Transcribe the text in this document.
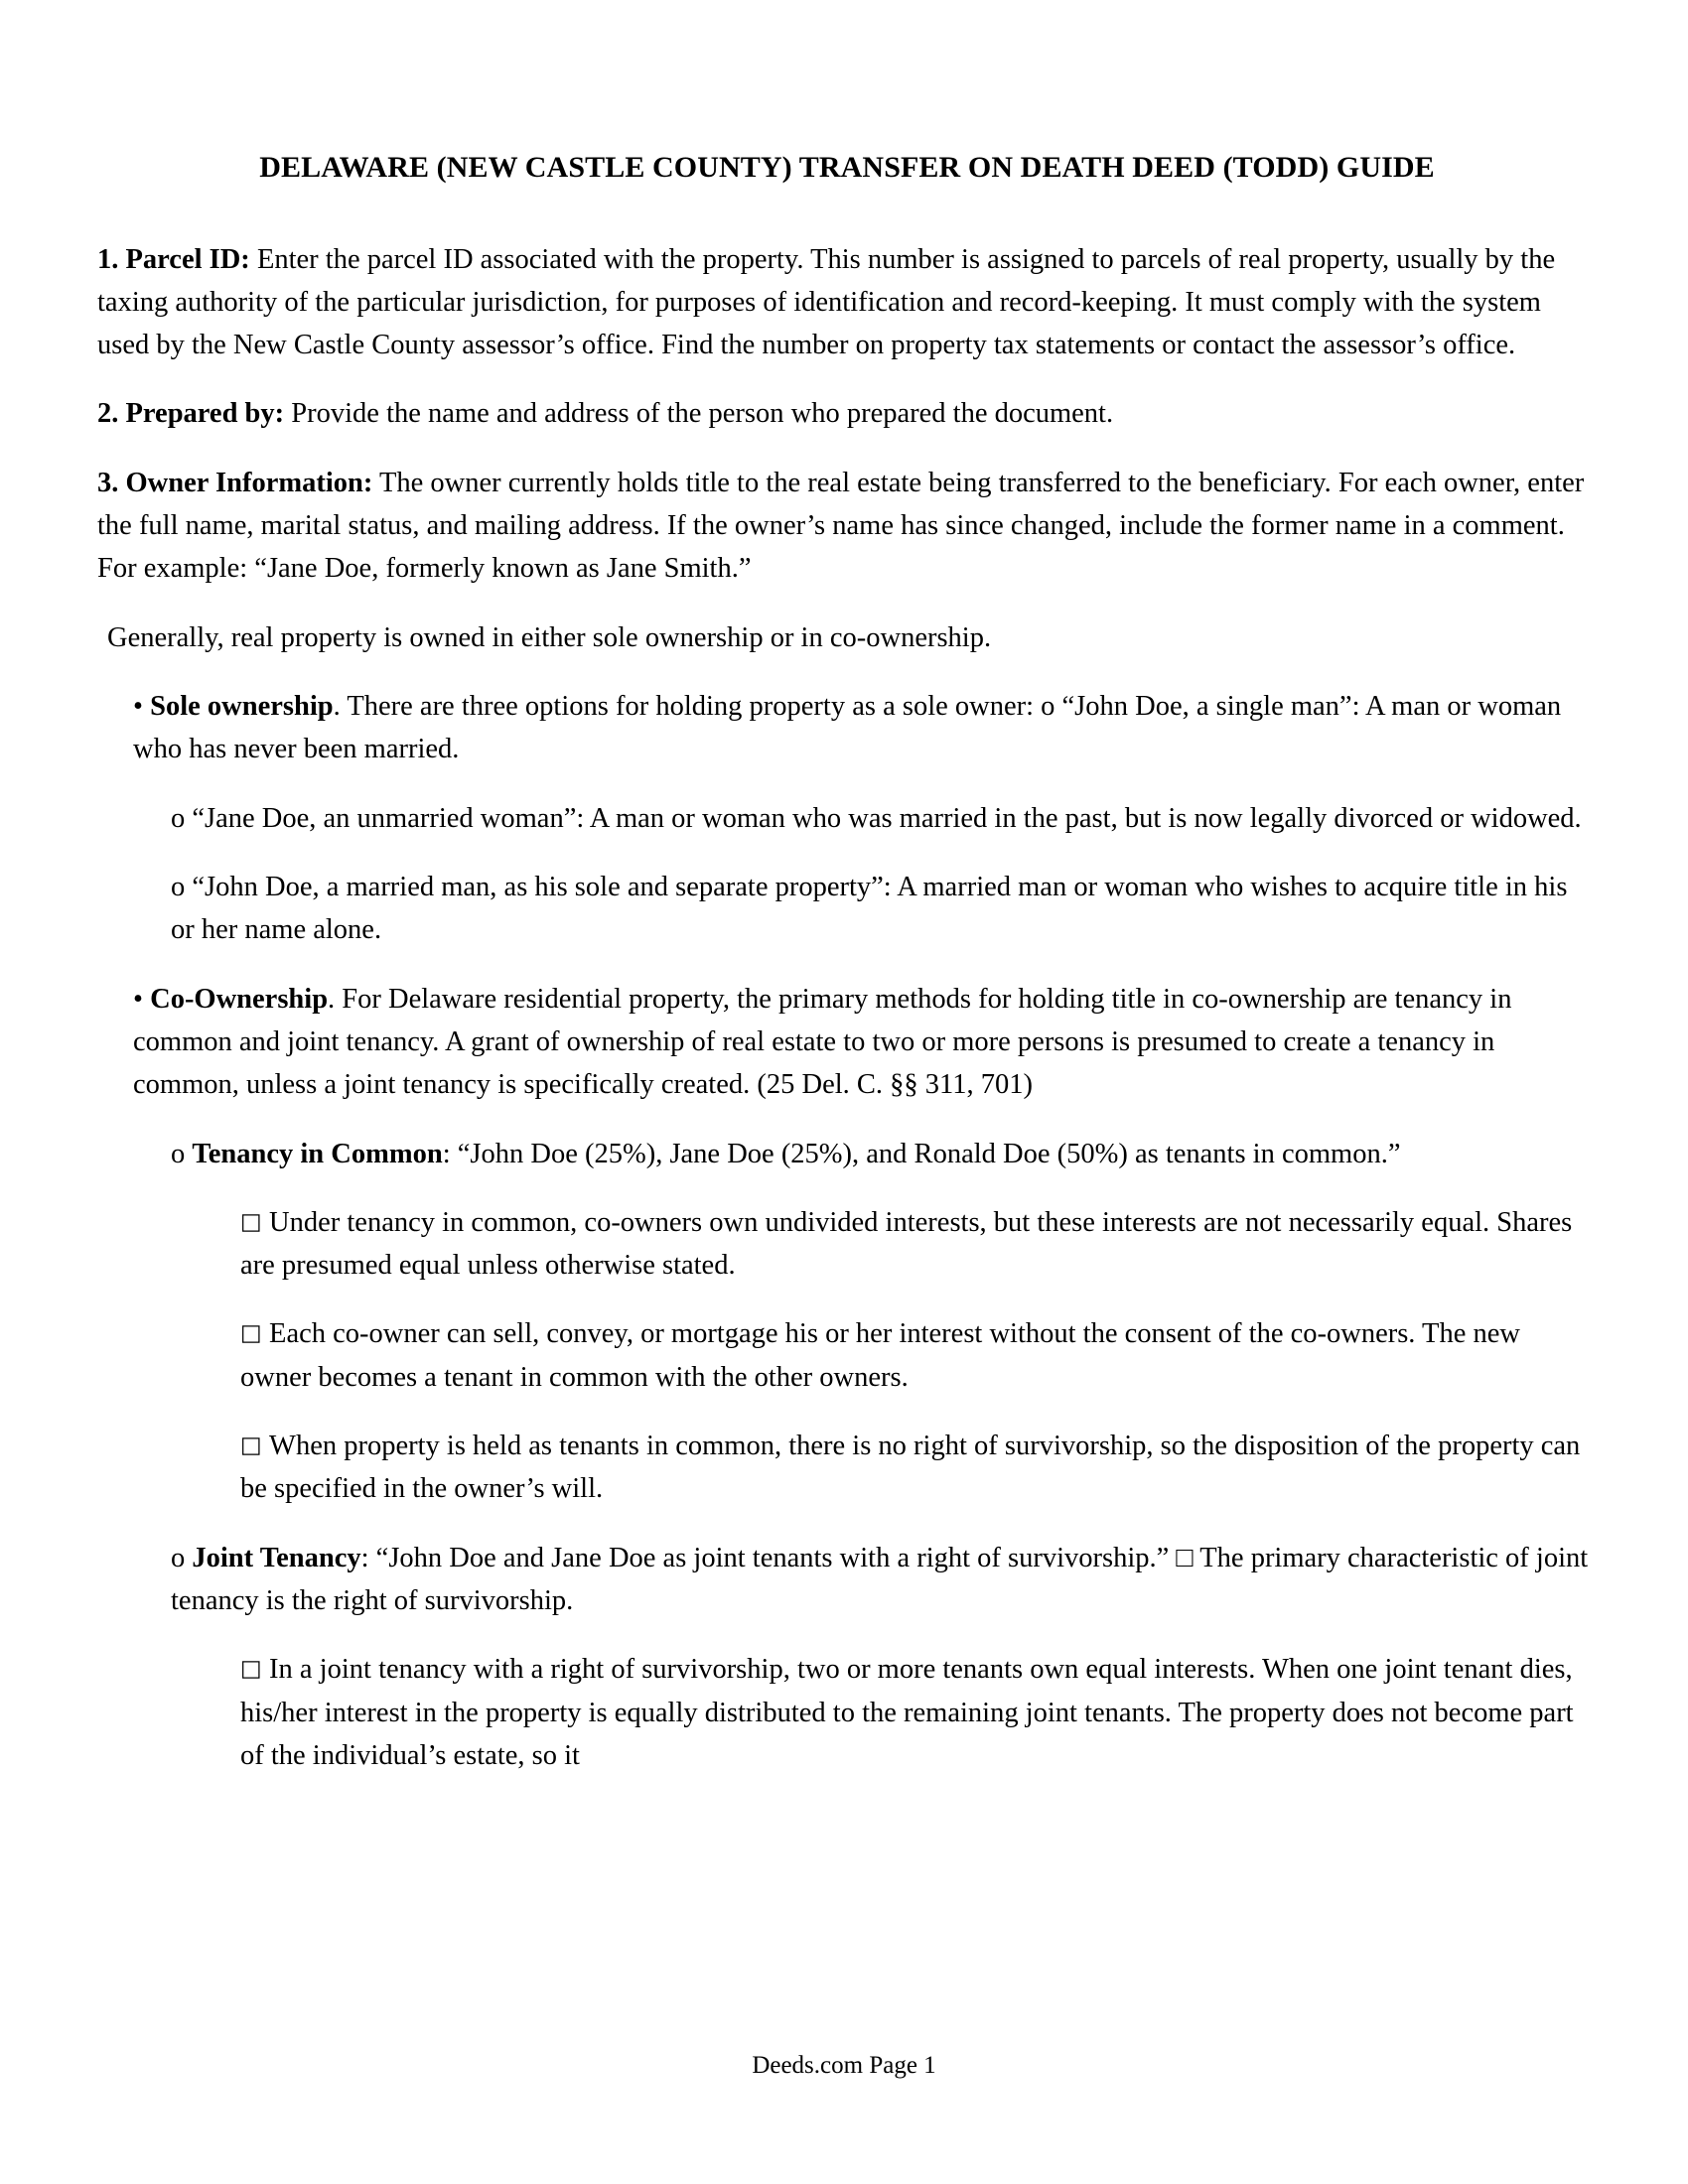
DELAWARE (NEW CASTLE COUNTY) TRANSFER ON DEATH DEED (TODD) GUIDE

1. Parcel ID: Enter the parcel ID associated with the property. This number is assigned to parcels of real property, usually by the taxing authority of the particular jurisdiction, for purposes of identification and record-keeping. It must comply with the system used by the New Castle County assessor’s office. Find the number on property tax statements or contact the assessor’s office.

2. Prepared by: Provide the name and address of the person who prepared the document.

3. Owner Information: The owner currently holds title to the real estate being transferred to the beneficiary. For each owner, enter the full name, marital status, and mailing address. If the owner’s name has since changed, include the former name in a comment. For example: “Jane Doe, formerly known as Jane Smith.”

Generally, real property is owned in either sole ownership or in co-ownership.

• Sole ownership. There are three options for holding property as a sole owner: o “John Doe, a single man”: A man or woman who has never been married.

o “Jane Doe, an unmarried woman”: A man or woman who was married in the past, but is now legally divorced or widowed.

o “John Doe, a married man, as his sole and separate property”: A married man or woman who wishes to acquire title in his or her name alone.

• Co-Ownership. For Delaware residential property, the primary methods for holding title in co-ownership are tenancy in common and joint tenancy. A grant of ownership of real estate to two or more persons is presumed to create a tenancy in common, unless a joint tenancy is specifically created. (25 Del. C. §§ 311, 701)

o Tenancy in Common: “John Doe (25%), Jane Doe (25%), and Ronald Doe (50%) as tenants in common.”

□ Under tenancy in common, co-owners own undivided interests, but these interests are not necessarily equal. Shares are presumed equal unless otherwise stated.

□ Each co-owner can sell, convey, or mortgage his or her interest without the consent of the co-owners. The new owner becomes a tenant in common with the other owners.

□ When property is held as tenants in common, there is no right of survivorship, so the disposition of the property can be specified in the owner’s will.

o Joint Tenancy: “John Doe and Jane Doe as joint tenants with a right of survivorship.” □ The primary characteristic of joint tenancy is the right of survivorship.

□ In a joint tenancy with a right of survivorship, two or more tenants own equal interests. When one joint tenant dies, his/her interest in the property is equally distributed to the remaining joint tenants. The property does not become part of the individual’s estate, so it

Deeds.com Page 1
